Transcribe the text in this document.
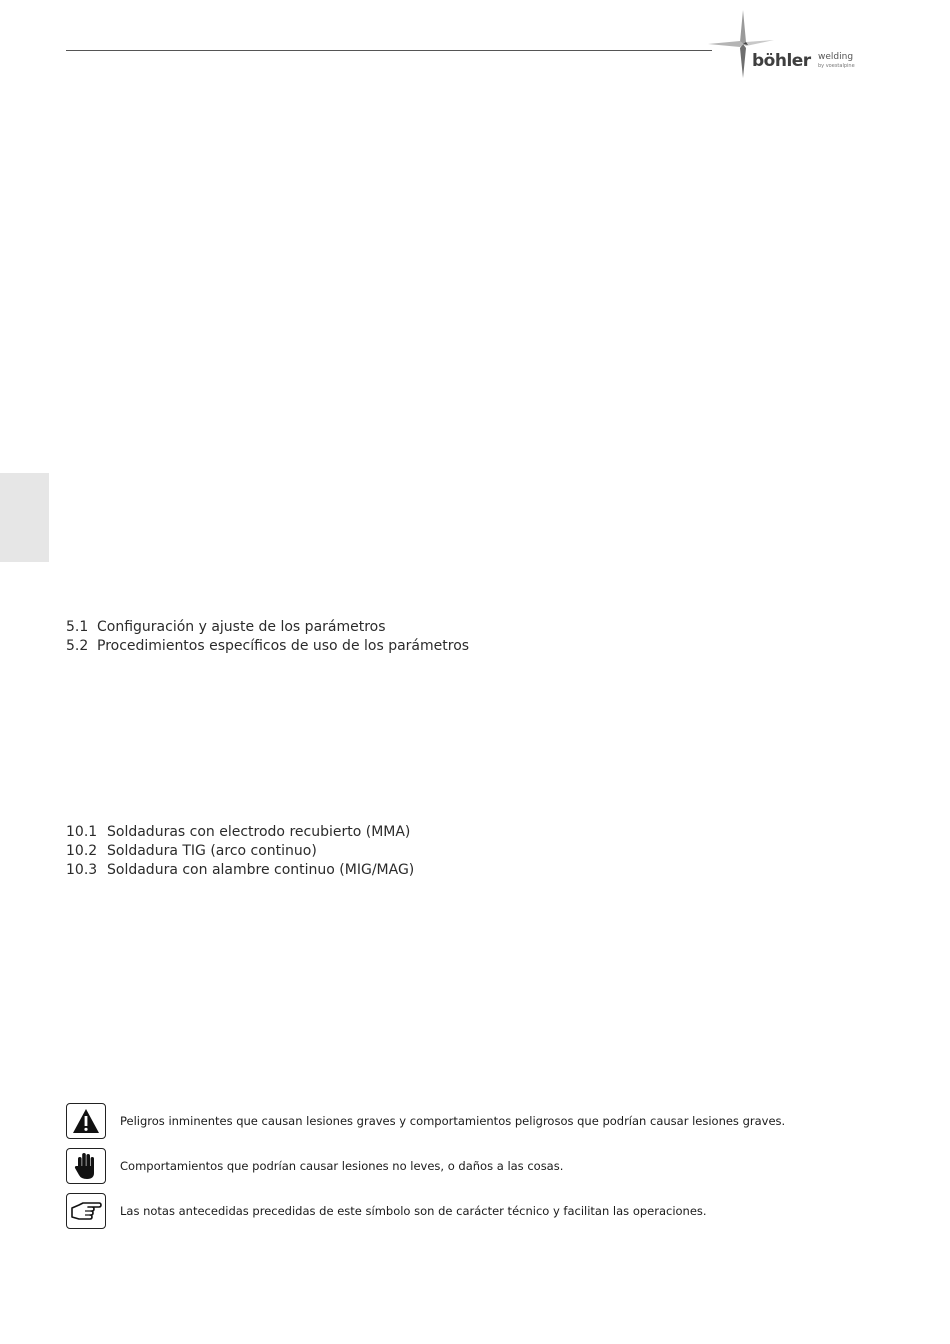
böhler welding
by voestalpine
5.1 Configuración y ajuste de los parámetros
5.2 Procedimientos específicos de uso de los parámetros
10.1 Soldaduras con electrodo recubierto (MMA)
10.2 Soldadura TIG (arco continuo)
10.3 Soldadura con alambre continuo (MIG/MAG)
Peligros inminentes que causan lesiones graves y comportamientos peligrosos que podrían causar lesiones graves.
Comportamientos que podrían causar lesiones no leves, o daños a las cosas.
Las notas antecedidas precedidas de este símbolo son de carácter técnico y facilitan las operaciones.
